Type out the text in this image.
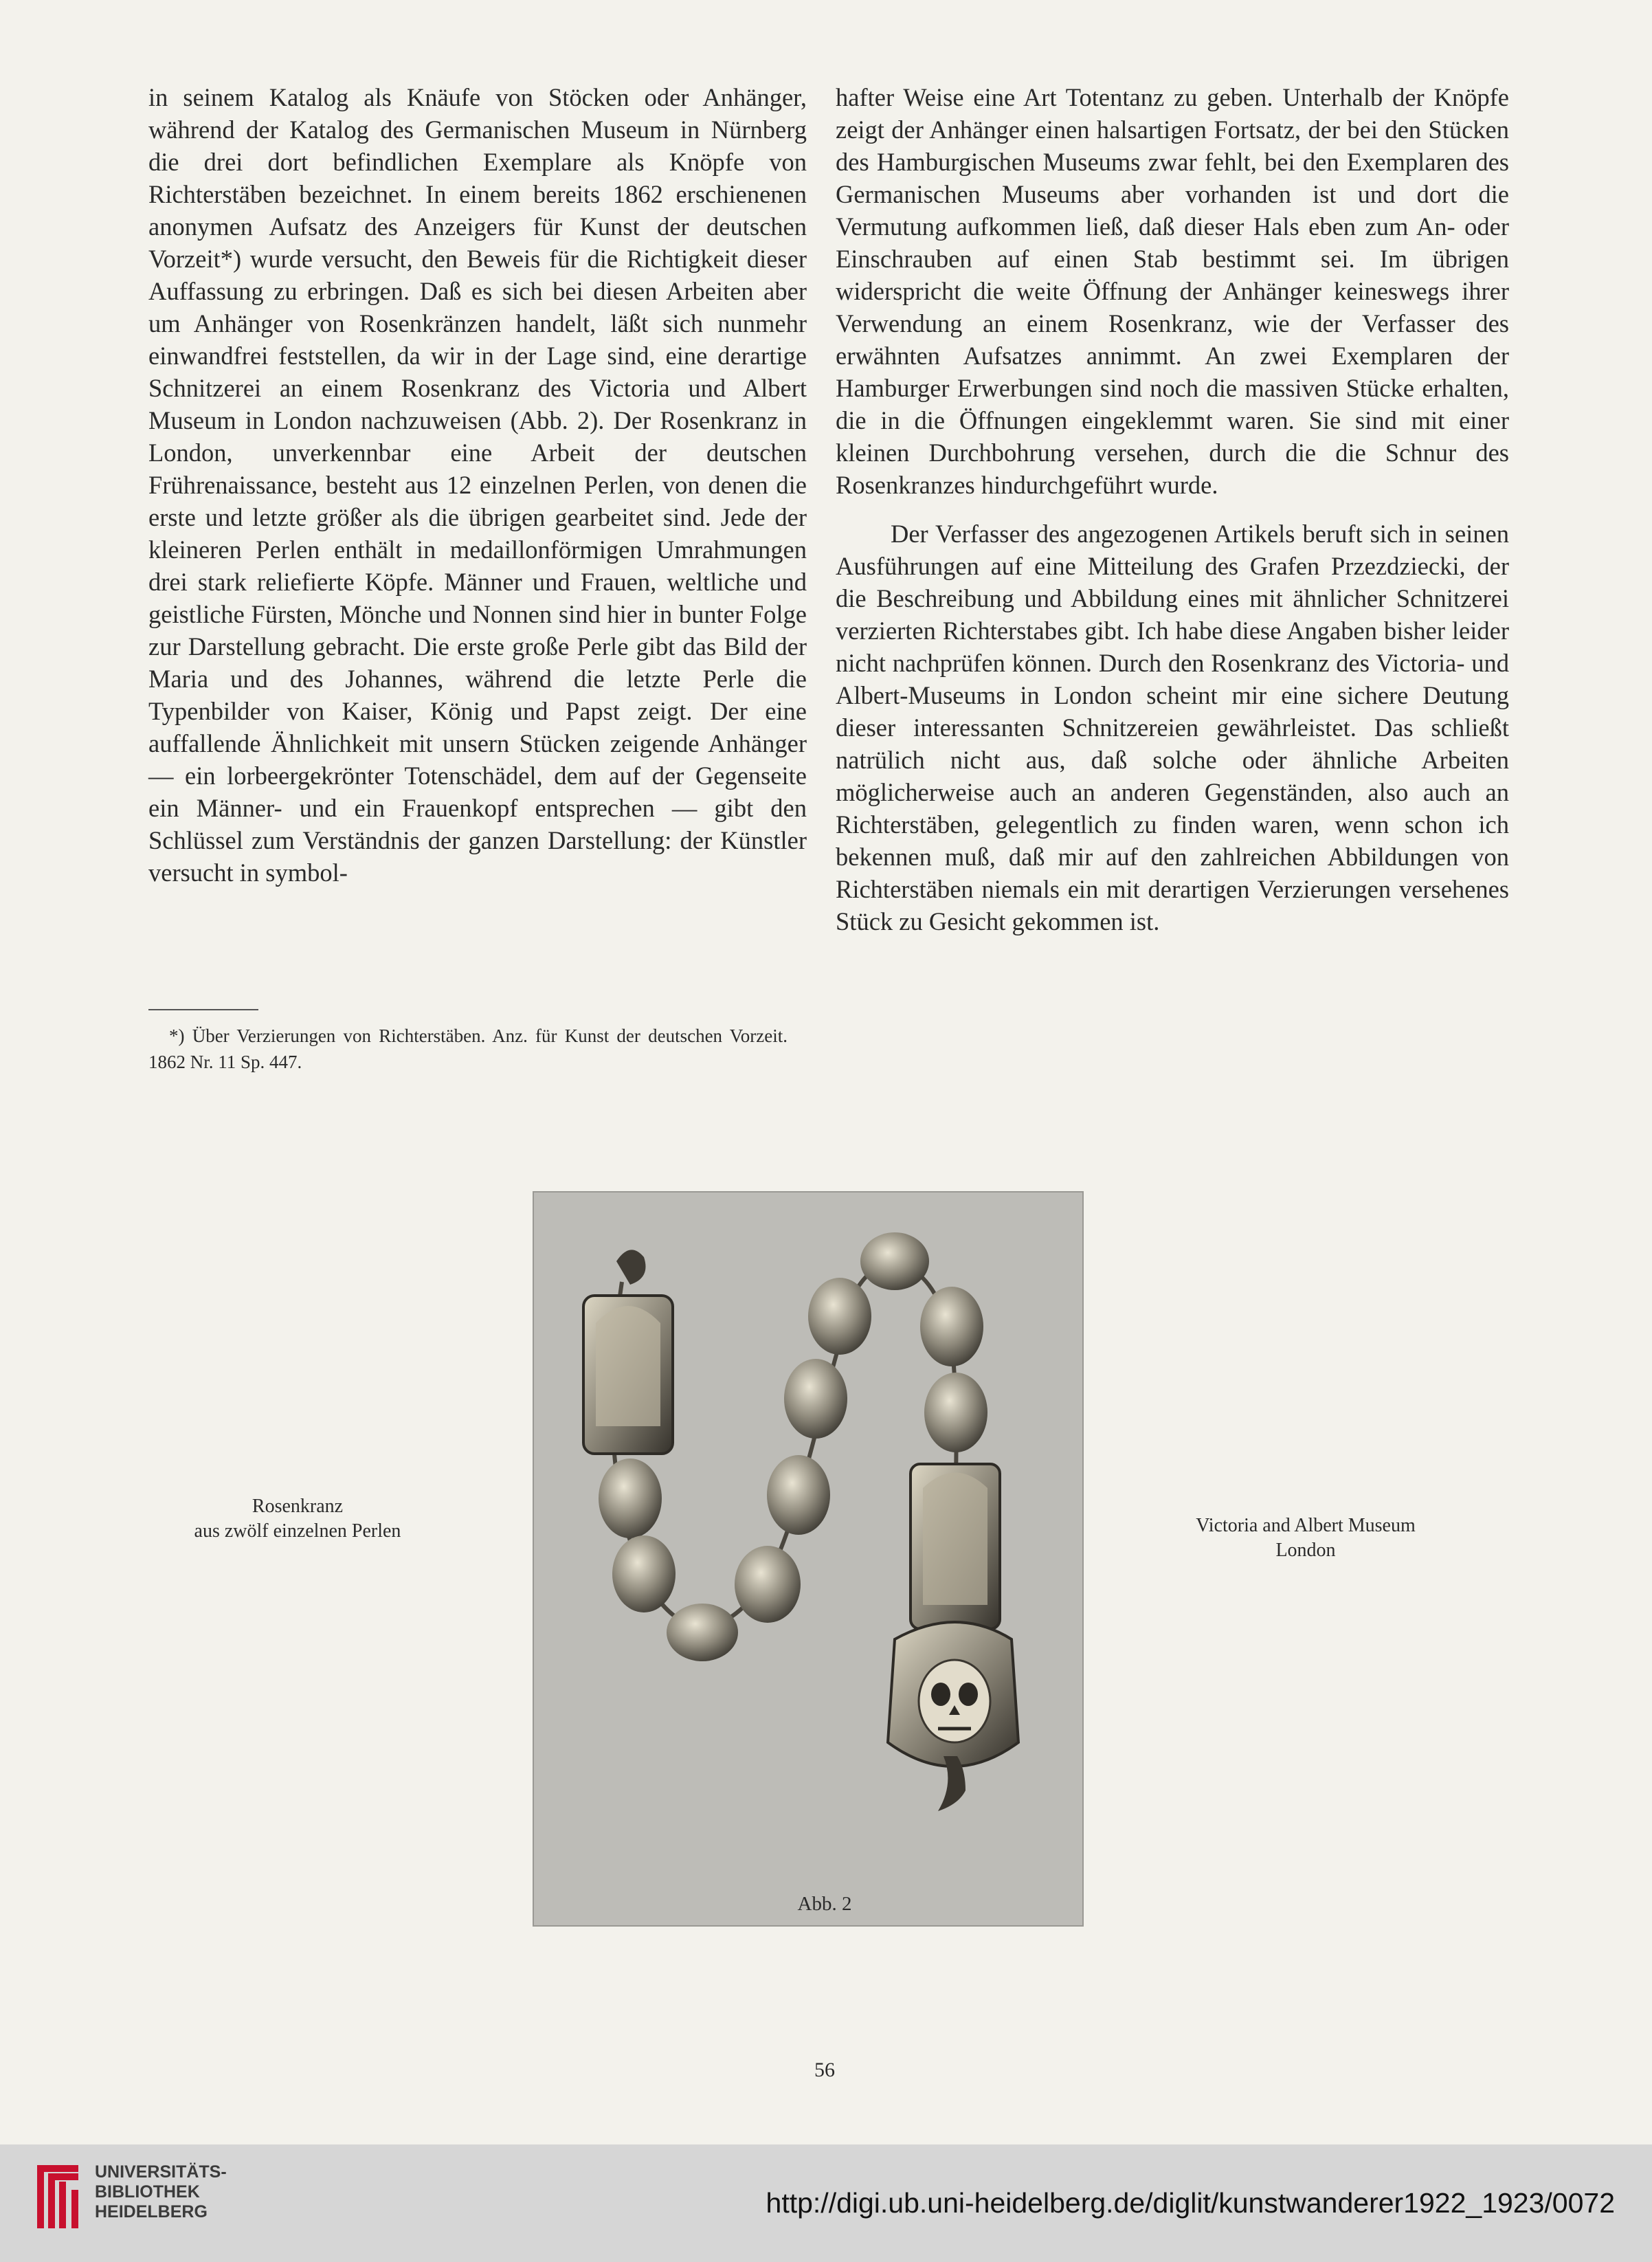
in seinem Katalog als Knäufe von Stöcken oder Anhänger, während der Katalog des Germanischen Museum in Nürnberg die drei dort befindlichen Exemplare als Knöpfe von Richterstäben bezeichnet. In einem bereits 1862 erschienenen anonymen Aufsatz des Anzeigers für Kunst der deutschen Vorzeit*) wurde versucht, den Beweis für die Richtigkeit dieser Auffassung zu erbringen. Daß es sich bei diesen Arbeiten aber um Anhänger von Rosenkränzen handelt, läßt sich nunmehr einwandfrei feststellen, da wir in der Lage sind, eine derartige Schnitzerei an einem Rosenkranz des Victoria und Albert Museum in London nachzuweisen (Abb. 2). Der Rosenkranz in London, unverkennbar eine Arbeit der deutschen Frührenaissance, besteht aus 12 einzelnen Perlen, von denen die erste und letzte größer als die übrigen gearbeitet sind. Jede der kleineren Perlen enthält in medaillonförmigen Umrahmungen drei stark reliefierte Köpfe. Männer und Frauen, weltliche und geistliche Fürsten, Mönche und Nonnen sind hier in bunter Folge zur Darstellung gebracht. Die erste große Perle gibt das Bild der Maria und des Johannes, während die letzte Perle die Typenbilder von Kaiser, König und Papst zeigt. Der eine auffallende Ähnlichkeit mit unsern Stücken zeigende Anhänger — ein lorbeergekrönter Totenschädel, dem auf der Gegenseite ein Männer- und ein Frauenkopf entsprechen — gibt den Schlüssel zum Verständnis der ganzen Darstellung: der Künstler versucht in symbol-

*) Über Verzierungen von Richterstäben. Anz. für Kunst der deutschen Vorzeit. 1862 Nr. 11 Sp. 447.

hafter Weise eine Art Totentanz zu geben. Unterhalb der Knöpfe zeigt der Anhänger einen halsartigen Fortsatz, der bei den Stücken des Hamburgischen Museums zwar fehlt, bei den Exemplaren des Germanischen Museums aber vorhanden ist und dort die Vermutung aufkommen ließ, daß dieser Hals eben zum An- oder Einschrauben auf einen Stab bestimmt sei. Im übrigen widerspricht die weite Öffnung der Anhänger keineswegs ihrer Verwendung an einem Rosenkranz, wie der Verfasser des erwähnten Aufsatzes annimmt. An zwei Exemplaren der Hamburger Erwerbungen sind noch die massiven Stücke erhalten, die in die Öffnungen eingeklemmt waren. Sie sind mit einer kleinen Durchbohrung versehen, durch die die Schnur des Rosenkranzes hindurchgeführt wurde.

Der Verfasser des angezogenen Artikels beruft sich in seinen Ausführungen auf eine Mitteilung des Grafen Przezdziecki, der die Beschreibung und Abbildung eines mit ähnlicher Schnitzerei verzierten Richterstabes gibt. Ich habe diese Angaben bisher leider nicht nachprüfen können. Durch den Rosenkranz des Victoria- und Albert-Museums in London scheint mir eine sichere Deutung dieser interessanten Schnitzereien gewährleistet. Das schließt natrülich nicht aus, daß solche oder ähnliche Arbeiten möglicherweise auch an anderen Gegenständen, also auch an Richterstäben, gelegentlich zu finden waren, wenn schon ich bekennen muß, daß mir auf den zahlreichen Abbildungen von Richterstäben niemals ein mit derartigen Verzierungen versehenes Stück zu Gesicht gekommen ist.

Rosenkranz
aus zwölf einzelnen Perlen	Victoria and Albert Museum
London
Abb. 2
56
UNIVERSITÄTS-
BIBLIOTHEK
HEIDELBERG	http://digi.ub.uni-heidelberg.de/diglit/kunstwanderer1922_1923/0072
